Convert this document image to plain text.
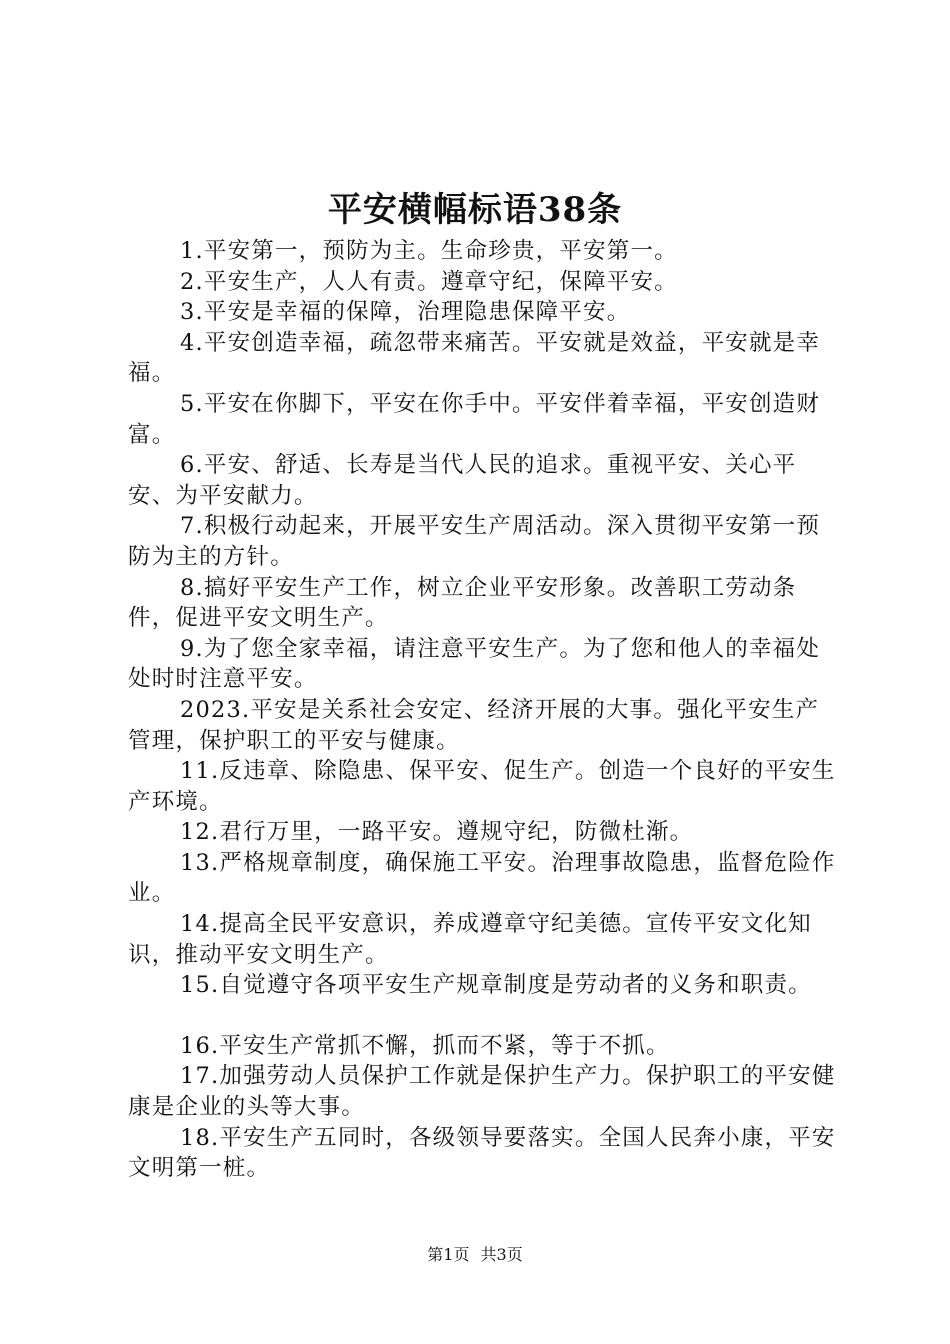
平安横幅标语38条

1.平安第一，预防为主。生命珍贵，平安第一。

2.平安生产，人人有责。遵章守纪，保障平安。

3.平安是幸福的保障，治理隐患保障平安。

4.平安创造幸福，疏忽带来痛苦。平安就是效益，平安就是幸福。

5.平安在你脚下，平安在你手中。平安伴着幸福，平安创造财富。

6.平安、舒适、长寿是当代人民的追求。重视平安、关心平安、为平安献力。

7.积极行动起来，开展平安生产周活动。深入贯彻平安第一预防为主的方针。

8.搞好平安生产工作，树立企业平安形象。改善职工劳动条件，促进平安文明生产。

9.为了您全家幸福，请注意平安生产。为了您和他人的幸福处处时时注意平安。

2023.平安是关系社会安定、经济开展的大事。强化平安生产管理，保护职工的平安与健康。

11.反违章、除隐患、保平安、促生产。创造一个良好的平安生产环境。

12.君行万里，一路平安。遵规守纪，防微杜渐。

13.严格规章制度，确保施工平安。治理事故隐患，监督危险作业。

14.提高全民平安意识，养成遵章守纪美德。宣传平安文化知识，推动平安文明生产。

15.自觉遵守各项平安生产规章制度是劳动者的义务和职责。

16.平安生产常抓不懈，抓而不紧，等于不抓。

17.加强劳动人员保护工作就是保护生产力。保护职工的平安健康是企业的头等大事。

18.平安生产五同时，各级领导要落实。全国人民奔小康，平安文明第一桩。

第1页 共3页
